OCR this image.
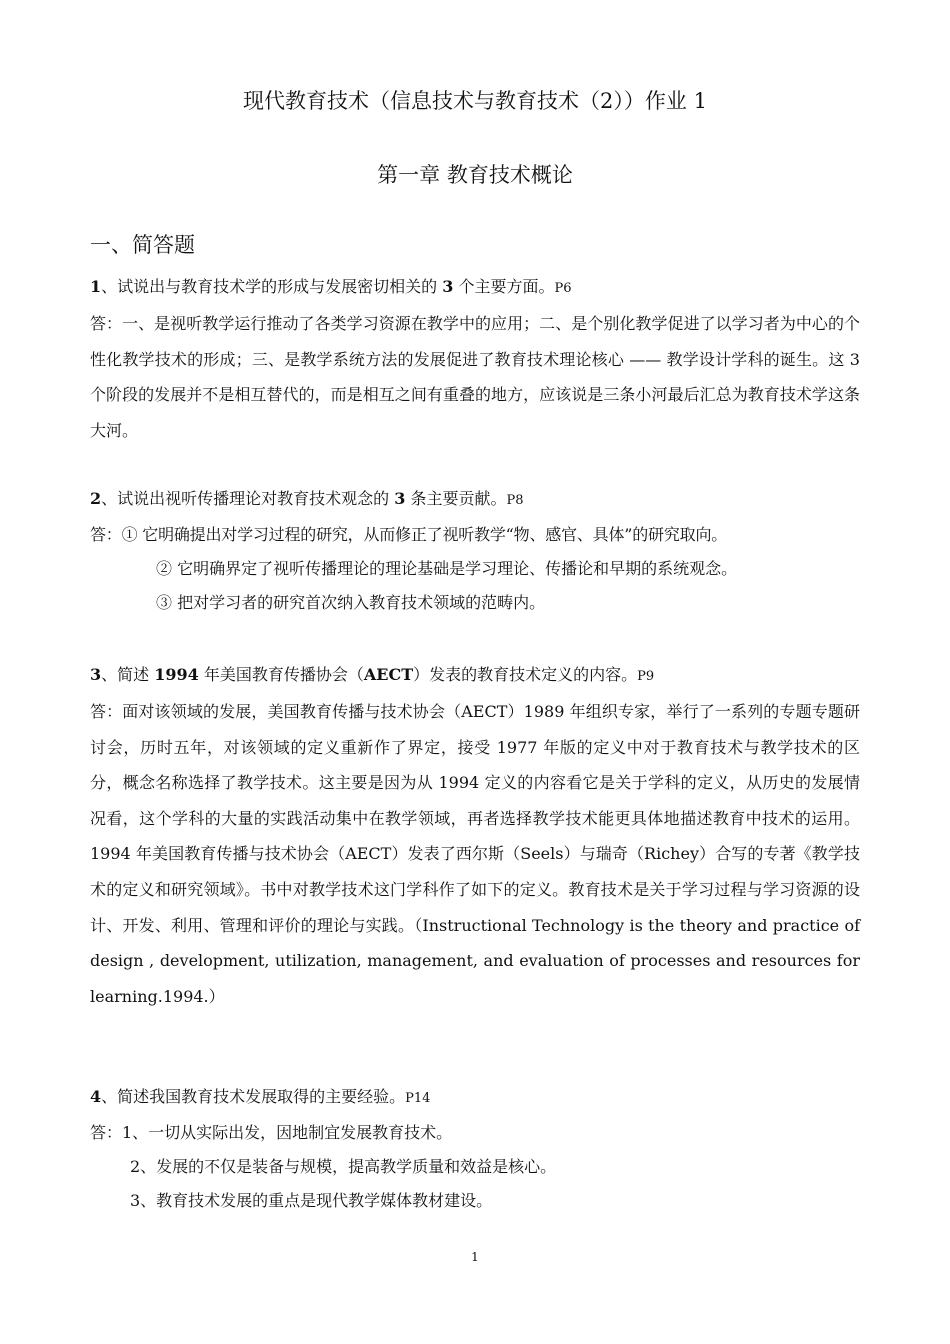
现代教育技术（信息技术与教育技术（2））作业 1
第一章 教育技术概论
一、简答题
1、试说出与教育技术学的形成与发展密切相关的 3 个主要方面。P6
答：一、是视听教学运行推动了各类学习资源在教学中的应用；二、是个别化教学促进了以学习者为中心的个性化教学技术的形成；三、是教学系统方法的发展促进了教育技术理论核心 —— 教学设计学科的诞生。这 3 个阶段的发展并不是相互替代的，而是相互之间有重叠的地方，应该说是三条小河最后汇总为教育技术学这条大河。
2、试说出视听传播理论对教育技术观念的 3 条主要贡献。P8
答：① 它明确提出对学习过程的研究，从而修正了视听教学“物、感官、具体”的研究取向。
② 它明确界定了视听传播理论的理论基础是学习理论、传播论和早期的系统观念。
③ 把对学习者的研究首次纳入教育技术领域的范畴内。
3、简述 1994 年美国教育传播协会（AECT）发表的教育技术定义的内容。P9
答：面对该领域的发展，美国教育传播与技术协会（AECT）1989 年组织专家，举行了一系列的专题专题研讨会，历时五年，对该领域的定义重新作了界定，接受 1977 年版的定义中对于教育技术与教学技术的区分，概念名称选择了教学技术。这主要是因为从 1994 定义的内容看它是关于学科的定义，从历史的发展情况看，这个学科的大量的实践活动集中在教学领域，再者选择教学技术能更具体地描述教育中技术的运用。1994 年美国教育传播与技术协会（AECT）发表了西尔斯（Seels）与瑞奇（Richey）合写的专著《教学技术的定义和研究领域》。书中对教学技术这门学科作了如下的定义。教育技术是关于学习过程与学习资源的设计、开发、利用、管理和评价的理论与实践。（Instructional Technology is the theory and practice of design , development, utilization, management, and evaluation of processes and resources for learning.1994.）
4、简述我国教育技术发展取得的主要经验。P14
答：1、一切从实际出发，因地制宜发展教育技术。
2、发展的不仅是装备与规模，提高教学质量和效益是核心。
3、教育技术发展的重点是现代教学媒体教材建设。
1
